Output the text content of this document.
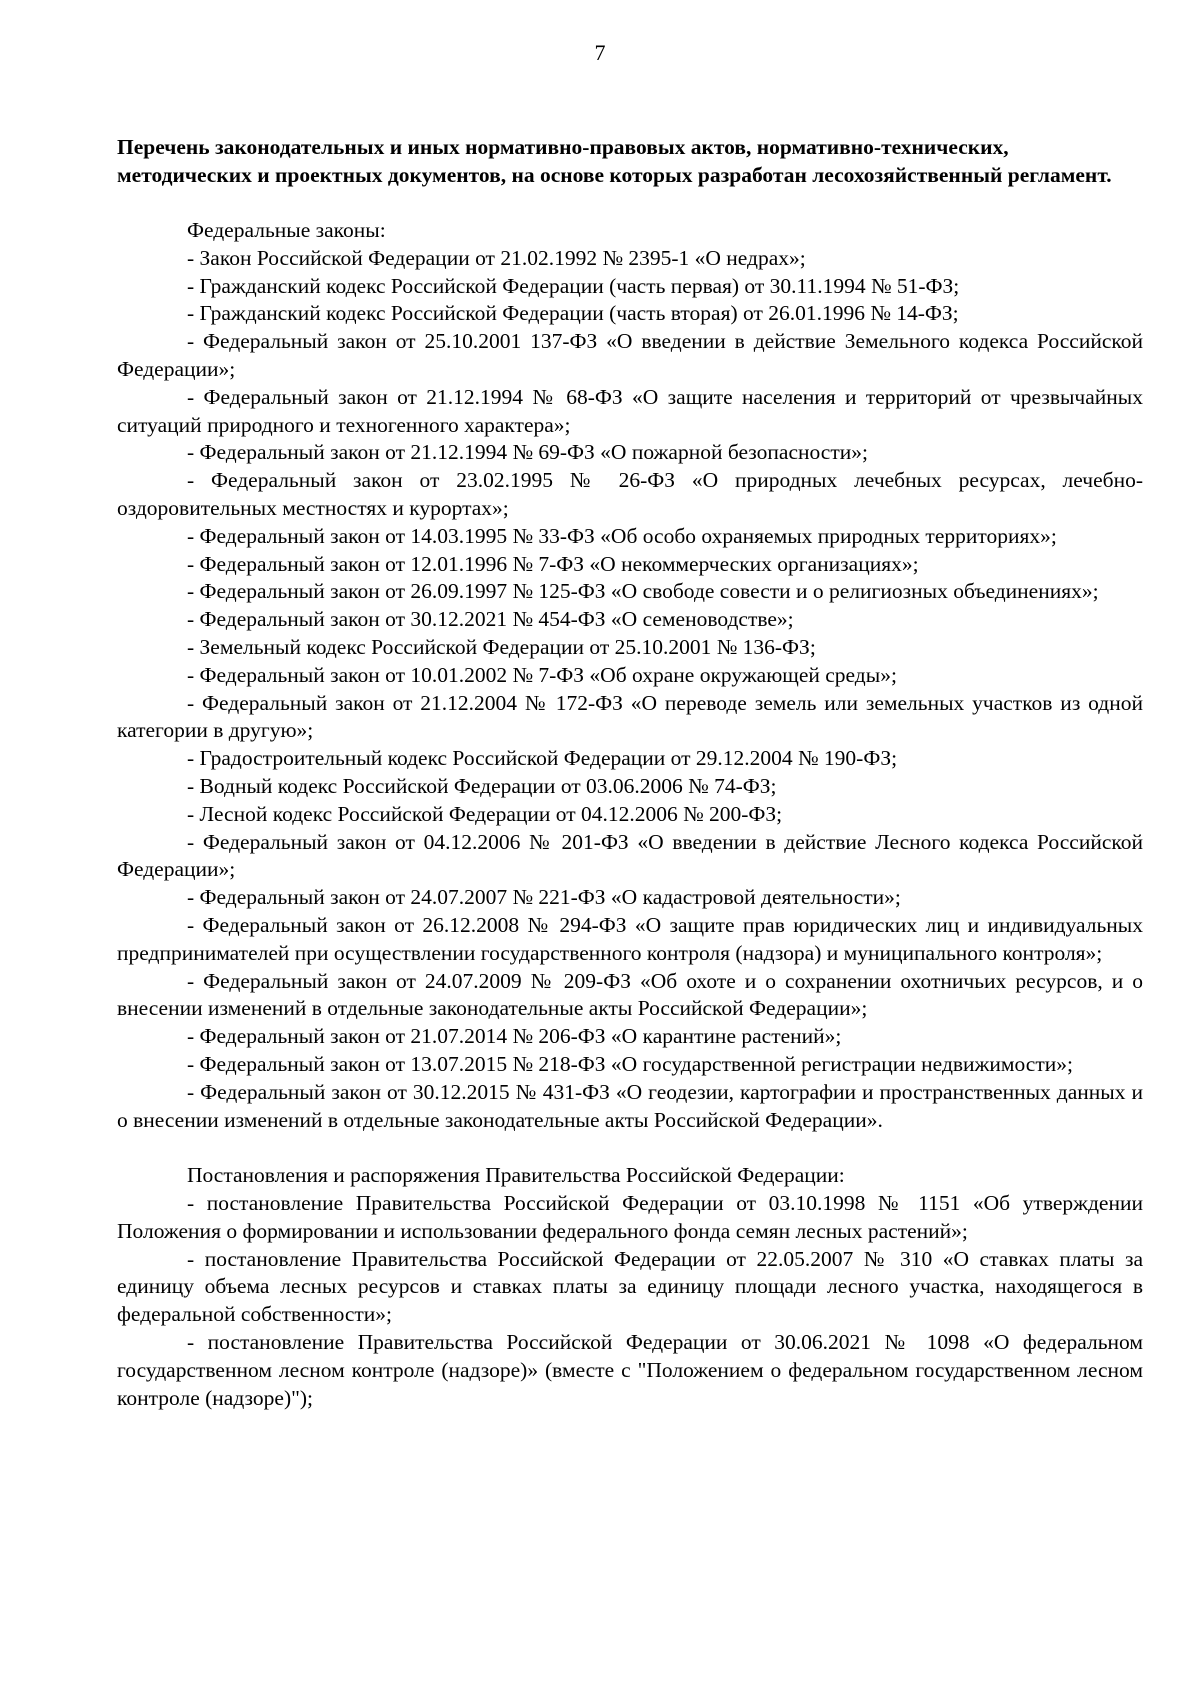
7

Перечень законодательных и иных нормативно-правовых актов, нормативно-технических, методических и проектных документов, на основе которых разработан лесохозяйственный регламент.

Федеральные законы:

- Закон Российской Федерации от 21.02.1992 № 2395-1 «О недрах»;

- Гражданский кодекс Российской Федерации (часть первая) от 30.11.1994 № 51-ФЗ;

- Гражданский кодекс Российской Федерации (часть вторая) от 26.01.1996 № 14-ФЗ;

- Федеральный закон от 25.10.2001 137-ФЗ «О введении в действие Земельного кодекса Российской Федерации»;

- Федеральный закон от 21.12.1994 № 68-ФЗ «О защите населения и территорий от чрезвычайных ситуаций природного и техногенного характера»;

- Федеральный закон от 21.12.1994 № 69-ФЗ «О пожарной безопасности»;

- Федеральный закон от 23.02.1995 № 26-ФЗ «О природных лечебных ресурсах, лечебно-оздоровительных местностях и курортах»;

- Федеральный закон от 14.03.1995 № 33-ФЗ «Об особо охраняемых природных территориях»;

- Федеральный закон от 12.01.1996 № 7-ФЗ «О некоммерческих организациях»;

- Федеральный закон от 26.09.1997 № 125-ФЗ «О свободе совести и о религиозных объединениях»;

- Федеральный закон от 30.12.2021 № 454-ФЗ «О семеноводстве»;

- Земельный кодекс Российской Федерации от 25.10.2001 № 136-ФЗ;

- Федеральный закон от 10.01.2002 № 7-ФЗ «Об охране окружающей среды»;

- Федеральный закон от 21.12.2004 № 172-ФЗ «О переводе земель или земельных участков из одной категории в другую»;

- Градостроительный кодекс Российской Федерации от 29.12.2004 № 190-ФЗ;

- Водный кодекс Российской Федерации от 03.06.2006 № 74-ФЗ;

- Лесной кодекс Российской Федерации от 04.12.2006 № 200-ФЗ;

- Федеральный закон от 04.12.2006 № 201-ФЗ «О введении в действие Лесного кодекса Российской Федерации»;

- Федеральный закон от 24.07.2007 № 221-ФЗ «О кадастровой деятельности»;

- Федеральный закон от 26.12.2008 № 294-ФЗ «О защите прав юридических лиц и индивидуальных предпринимателей при осуществлении государственного контроля (надзора) и муниципального контроля»;

- Федеральный закон от 24.07.2009 № 209-ФЗ «Об охоте и о сохранении охотничьих ресурсов, и о внесении изменений в отдельные законодательные акты Российской Федерации»;

- Федеральный закон от 21.07.2014 № 206-ФЗ «О карантине растений»;

- Федеральный закон от 13.07.2015 № 218-ФЗ «О государственной регистрации недвижимости»;

- Федеральный закон от 30.12.2015 № 431-ФЗ «О геодезии, картографии и пространственных данных и о внесении изменений в отдельные законодательные акты Российской Федерации».

Постановления и распоряжения Правительства Российской Федерации:

- постановление Правительства Российской Федерации от 03.10.1998 № 1151 «Об утверждении Положения о формировании и использовании федерального фонда семян лесных растений»;

- постановление Правительства Российской Федерации от 22.05.2007 № 310 «О ставках платы за единицу объема лесных ресурсов и ставках платы за единицу площади лесного участка, находящегося в федеральной собственности»;

- постановление Правительства Российской Федерации от 30.06.2021 № 1098 «О федеральном государственном лесном контроле (надзоре)» (вместе с "Положением о федеральном государственном лесном контроле (надзоре)");
